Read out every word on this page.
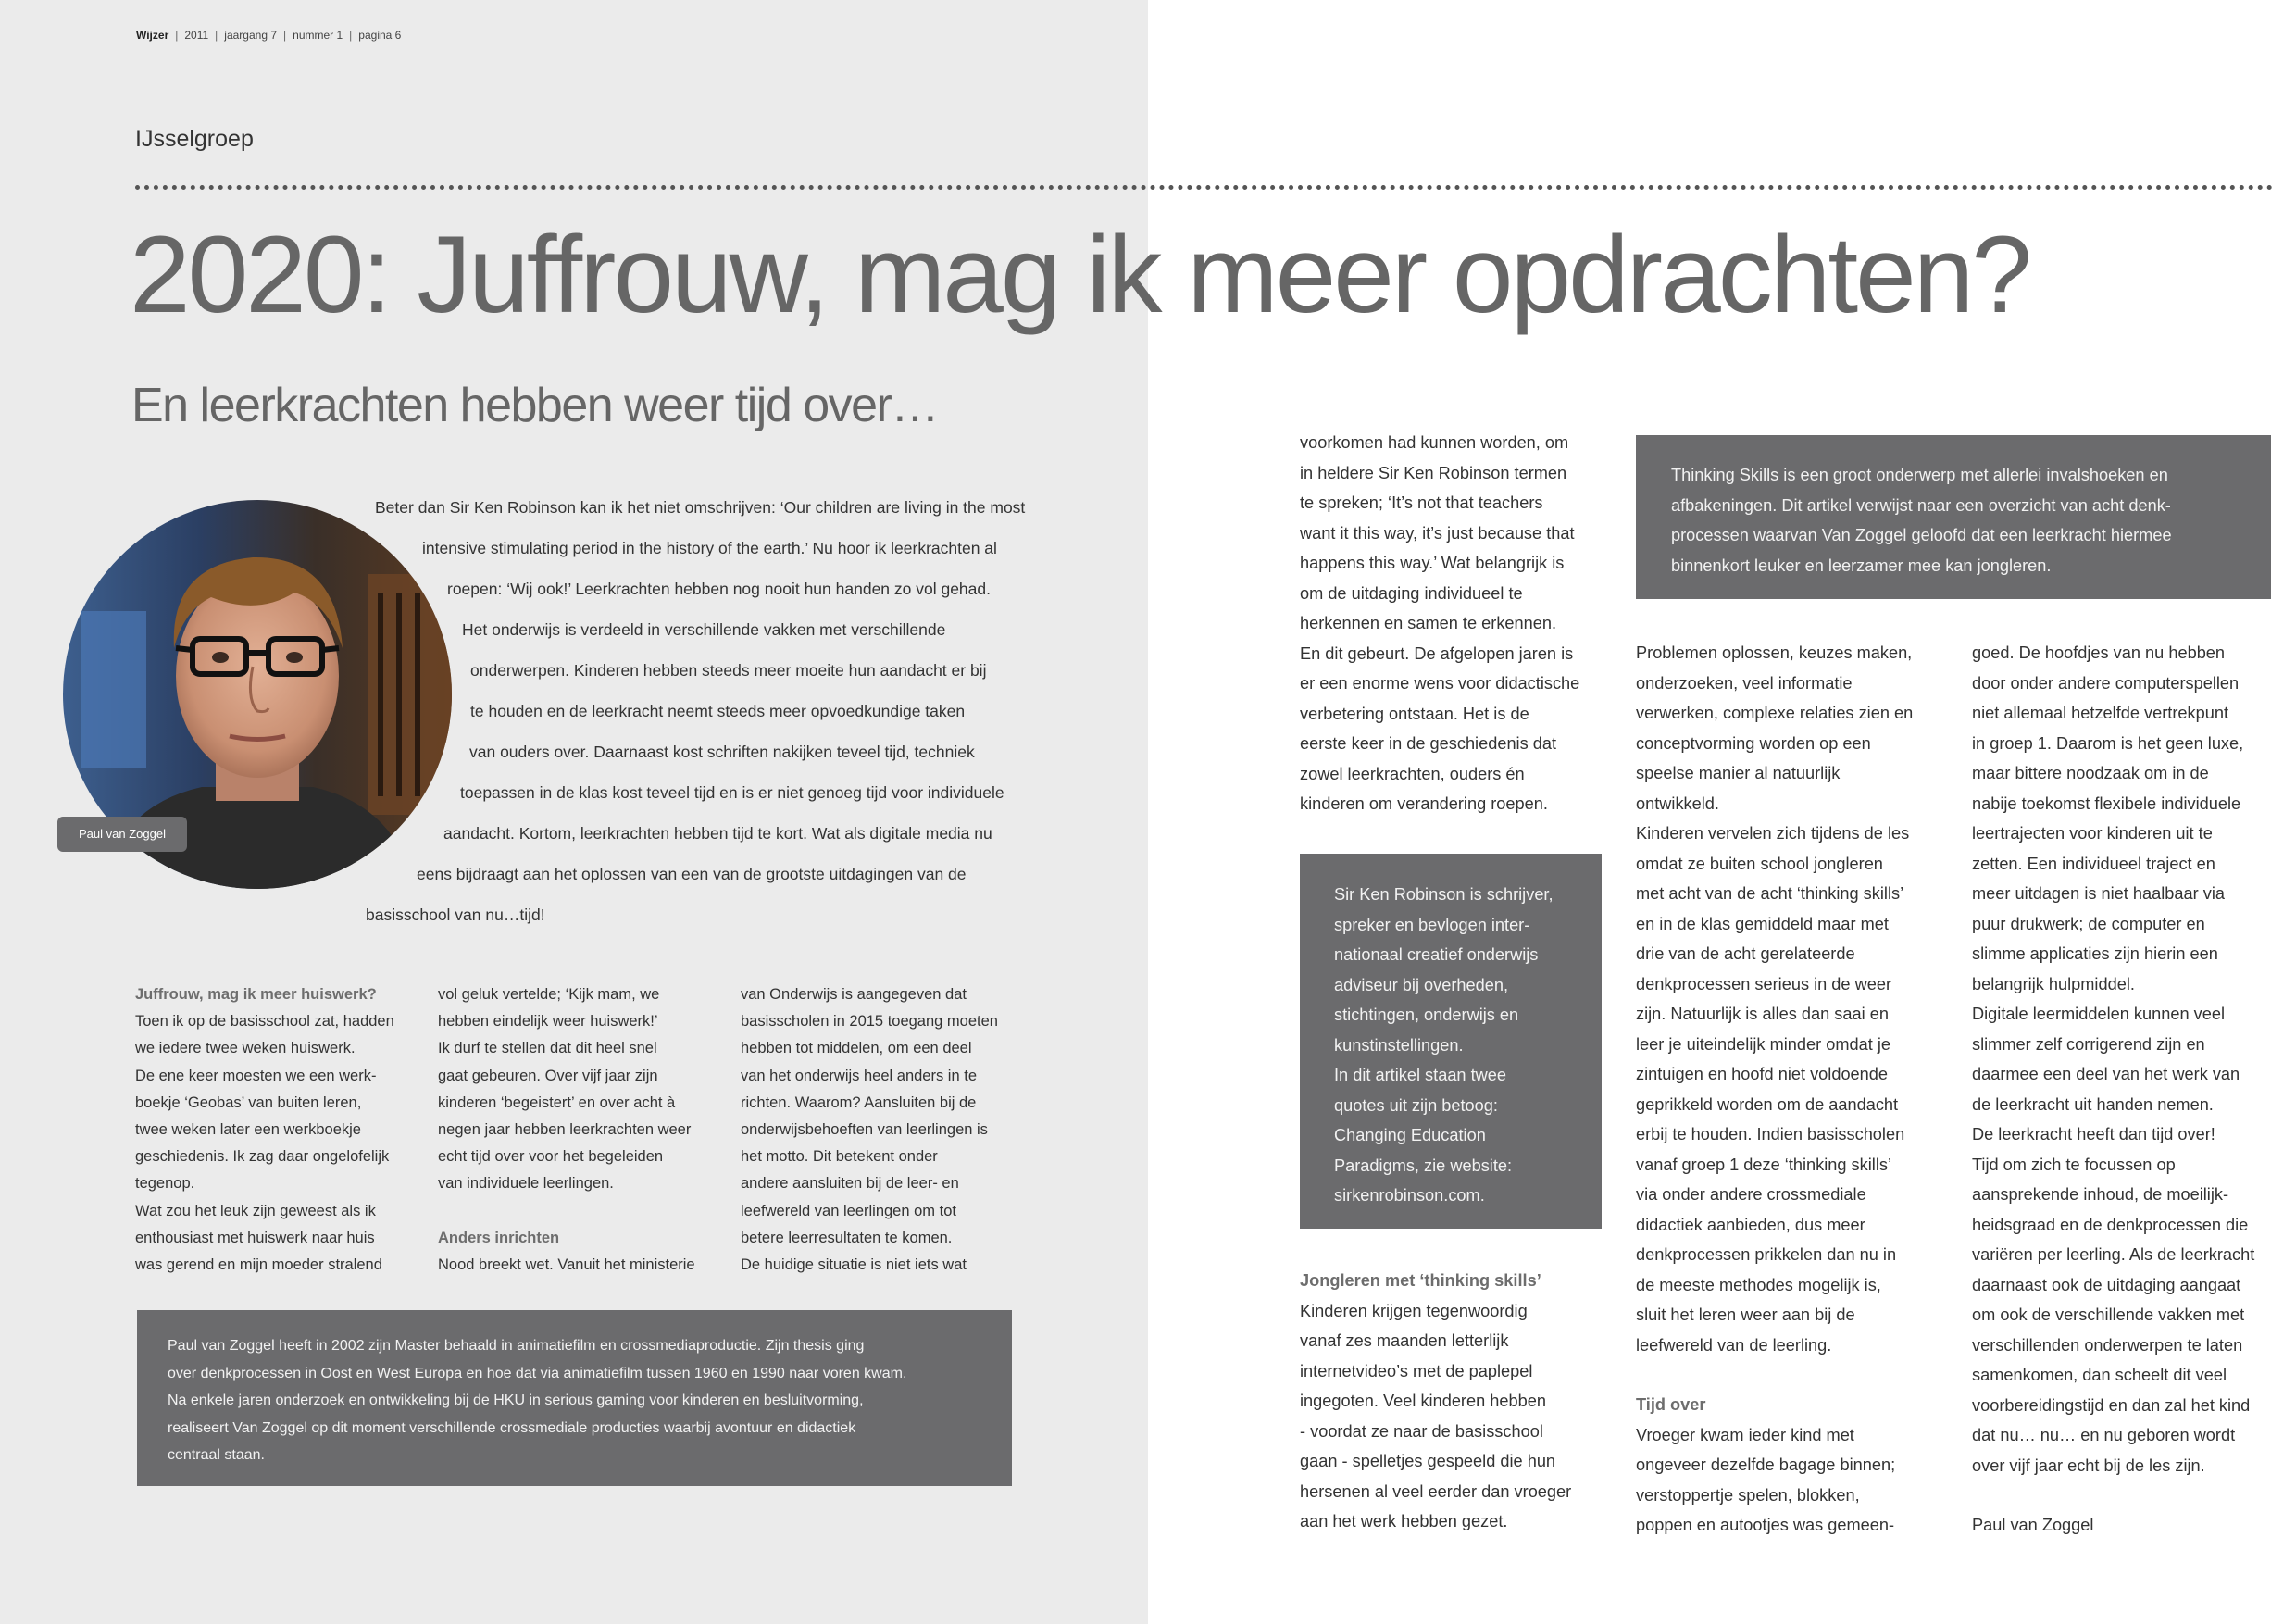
Wijzer | 2011 | jaargang 7 | nummer 1 | pagina 6
IJsselgroep
2020: Juffrouw, mag ik meer opdrachten?
En leerkrachten hebben weer tijd over…
Paul van Zoggel
Beter dan Sir Ken Robinson kan ik het niet omschrijven: ‘Our children are living in the most
intensive stimulating period in the history of the earth.’ Nu hoor ik leerkrachten al
roepen: ‘Wij ook!’ Leerkrachten hebben nog nooit hun handen zo vol gehad.
Het onderwijs is verdeeld in verschillende vakken met verschillende
onderwerpen. Kinderen hebben steeds meer moeite hun aandacht er bij
te houden en de leerkracht neemt steeds meer opvoedkundige taken
van ouders over. Daarnaast kost schriften nakijken teveel tijd, techniek
toepassen in de klas kost teveel tijd en is er niet genoeg tijd voor individuele
aandacht. Kortom, leerkrachten hebben tijd te kort. Wat als digitale media nu
eens bijdraagt aan het oplossen van een van de grootste uitdagingen van de
basisschool van nu…tijd!

Juffrouw, mag ik meer huiswerk?

Toen ik op de basisschool zat, hadden

we iedere twee weken huiswerk.

De ene keer moesten we een werk-

boekje ‘Geobas’ van buiten leren,

twee weken later een werkboekje

geschiedenis. Ik zag daar ongelofelijk

tegenop.

Wat zou het leuk zijn geweest als ik

enthousiast met huiswerk naar huis

was gerend en mijn moeder stralend

vol geluk vertelde; ‘Kijk mam, we

hebben eindelijk weer huiswerk!’

Ik durf te stellen dat dit heel snel

gaat gebeuren. Over vijf jaar zijn

kinderen ‘begeistert’ en over acht à

negen jaar hebben leerkrachten weer

echt tijd over voor het begeleiden

van individuele leerlingen.

Anders inrichten

Nood breekt wet. Vanuit het ministerie

van Onderwijs is aangegeven dat

basisscholen in 2015 toegang moeten

hebben tot middelen, om een deel

van het onderwijs heel anders in te

richten. Waarom? Aansluiten bij de

onderwijsbehoeften van leerlingen is

het motto. Dit betekent onder

andere aansluiten bij de leer- en

leefwereld van leerlingen om tot

betere leerresultaten te komen.

De huidige situatie is niet iets wat

Paul van Zoggel heeft in 2002 zijn Master behaald in animatiefilm en crossmediaproductie. Zijn thesis ging

over denkprocessen in Oost en West Europa en hoe dat via animatiefilm tussen 1960 en 1990 naar voren kwam.

Na enkele jaren onderzoek en ontwikkeling bij de HKU in serious gaming voor kinderen en besluitvorming,

realiseert Van Zoggel op dit moment verschillende crossmediale producties waarbij avontuur en didactiek

centraal staan.

voorkomen had kunnen worden, om

in heldere Sir Ken Robinson termen

te spreken; ‘It’s not that teachers

want it this way, it’s just because that

happens this way.’ Wat belangrijk is

om de uitdaging individueel te

herkennen en samen te erkennen.

En dit gebeurt. De afgelopen jaren is

er een enorme wens voor didactische

verbetering ontstaan. Het is de

eerste keer in de geschiedenis dat

zowel leerkrachten, ouders én

kinderen om verandering roepen.

Sir Ken Robinson is schrijver,

spreker en bevlogen inter-

nationaal creatief onderwijs

adviseur bij overheden,

stichtingen, onderwijs en

kunstinstellingen.

In dit artikel staan twee

quotes uit zijn betoog:

Changing Education

Paradigms, zie website:

sirkenrobinson.com.

Jongleren met ‘thinking skills’

Kinderen krijgen tegenwoordig

vanaf zes maanden letterlijk

internetvideo’s met de paplepel

ingegoten. Veel kinderen hebben

- voordat ze naar de basisschool

gaan - spelletjes gespeeld die hun

hersenen al veel eerder dan vroeger

aan het werk hebben gezet.

Thinking Skills is een groot onderwerp met allerlei invalshoeken en

afbakeningen. Dit artikel verwijst naar een overzicht van acht denk-

processen waarvan Van Zoggel geloofd dat een leerkracht hiermee

binnenkort leuker en leerzamer mee kan jongleren.

Problemen oplossen, keuzes maken,

onderzoeken, veel informatie

verwerken, complexe relaties zien en

conceptvorming worden op een

speelse manier al natuurlijk

ontwikkeld.

Kinderen vervelen zich tijdens de les

omdat ze buiten school jongleren

met acht van de acht ‘thinking skills’

en in de klas gemiddeld maar met

drie van de acht gerelateerde

denkprocessen serieus in de weer

zijn. Natuurlijk is alles dan saai en

leer je uiteindelijk minder omdat je

zintuigen en hoofd niet voldoende

geprikkeld worden om de aandacht

erbij te houden. Indien basisscholen

vanaf groep 1 deze ‘thinking skills’

via onder andere crossmediale

didactiek aanbieden, dus meer

denkprocessen prikkelen dan nu in

de meeste methodes mogelijk is,

sluit het leren weer aan bij de

leefwereld van de leerling.

Tijd over

Vroeger kwam ieder kind met

ongeveer dezelfde bagage binnen;

verstoppertje spelen, blokken,

poppen en autootjes was gemeen-

goed. De hoofdjes van nu hebben

door onder andere computerspellen

niet allemaal hetzelfde vertrekpunt

in groep 1. Daarom is het geen luxe,

maar bittere noodzaak om in de

nabije toekomst flexibele individuele

leertrajecten voor kinderen uit te

zetten. Een individueel traject en

meer uitdagen is niet haalbaar via

puur drukwerk; de computer en

slimme applicaties zijn hierin een

belangrijk hulpmiddel.

Digitale leermiddelen kunnen veel

slimmer zelf corrigerend zijn en

daarmee een deel van het werk van

de leerkracht uit handen nemen.

De leerkracht heeft dan tijd over!

Tijd om zich te focussen op

aansprekende inhoud, de moeilijk-

heidsgraad en de denkprocessen die

variëren per leerling. Als de leerkracht

daarnaast ook de uitdaging aangaat

om ook de verschillende vakken met

verschillenden onderwerpen te laten

samenkomen, dan scheelt dit veel

voorbereidingstijd en dan zal het kind

dat nu… nu… en nu geboren wordt

over vijf jaar echt bij de les zijn.

Paul van Zoggel
